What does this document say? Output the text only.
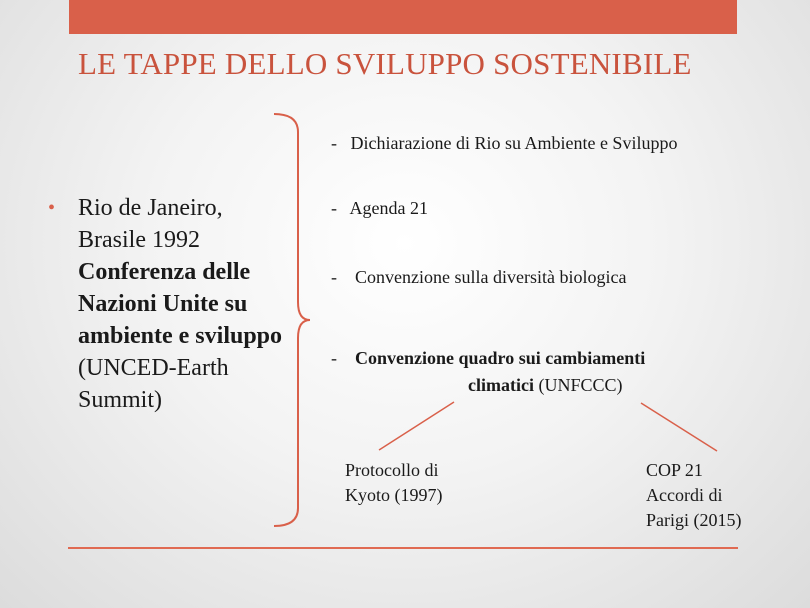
LE TAPPE DELLO SVILUPPO SOSTENIBILE
• Rio de Janeiro, Brasile 1992
Conferenza delle Nazioni Unite su ambiente e sviluppo
(UNCED-Earth Summit)
- Dichiarazione di Rio su Ambiente e Sviluppo
- Agenda 21
- Convenzione sulla diversità biologica
- Convenzione quadro sui cambiamenti
climatici (UNFCCC)
Protocollo di
Kyoto (1997)
COP 21
Accordi di
Parigi (2015)
